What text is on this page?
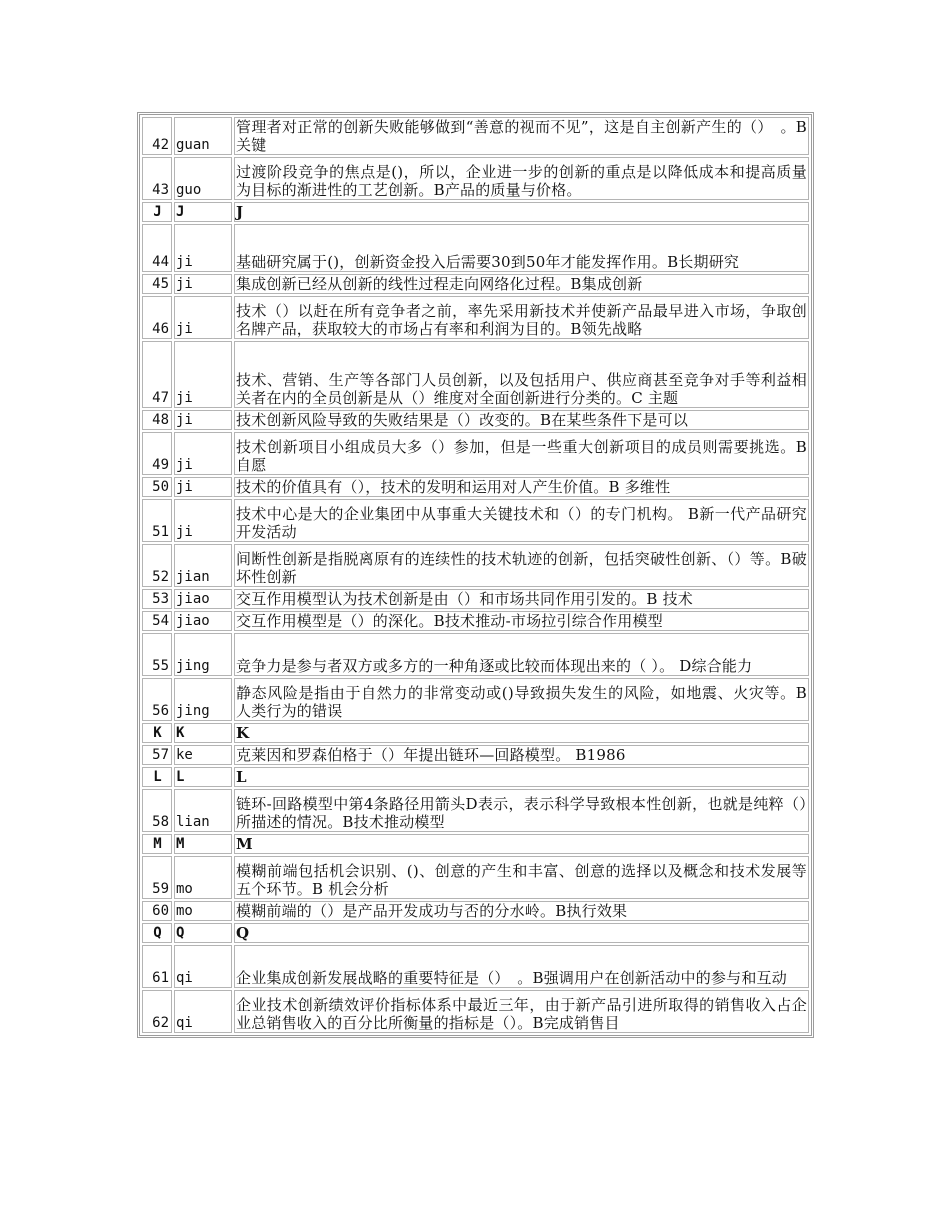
42	guan	管理者对正常的创新失败能够做到“善意的视而不见”，这是自主创新产生的（）　。B关键
43	guo	过渡阶段竞争的焦点是()，所以，企业进一步的创新的重点是以降低成本和提高质量为目标的渐进性的工艺创新。B产品的质量与价格。
J	J	J
44	ji	基础研究属于()，创新资金投入后需要30到50年才能发挥作用。B长期研究
45	ji	集成创新已经从创新的线性过程走向网络化过程。B集成创新
46	ji	技术（）以赶在所有竞争者之前，率先采用新技术并使新产品最早进入市场，争取创名牌产品，获取较大的市场占有率和利润为目的。B领先战略
47	ji	技术、营销、生产等各部门人员创新，以及包括用户、供应商甚至竞争对手等利益相关者在内的全员创新是从（）维度对全面创新进行分类的。C 主题
48	ji	技术创新风险导致的失败结果是（）改变的。B在某些条件下是可以
49	ji	技术创新项目小组成员大多（）参加，但是一些重大创新项目的成员则需要挑选。B 自愿
50	ji	技术的价值具有（），技术的发明和运用对人产生价值。B 多维性
51	ji	技术中心是大的企业集团中从事重大关键技术和（）的专门机构。 B新一代产品研究开发活动
52	jian	间断性创新是指脱离原有的连续性的技术轨迹的创新，包括突破性创新、（）等。B破坏性创新
53	jiao	交互作用模型认为技术创新是由（）和市场共同作用引发的。B 技术
54	jiao	交互作用模型是（）的深化。B技术推动-市场拉引综合作用模型
55	jing	竞争力是参与者双方或多方的一种角逐或比较而体现出来的（ ）。 D综合能力
56	jing	静态风险是指由于自然力的非常变动或()导致损失发生的风险，如地震、火灾等。B 人类行为的错误
K	K	K
57	ke	克莱因和罗森伯格于（）年提出链环—回路模型。 B1986
L	L	L
58	lian	链环-回路模型中第4条路径用箭头D表示，表示科学导致根本性创新，也就是纯粹（）所描述的情况。B技术推动模型
M	M	M
59	mo	模糊前端包括机会识别、()、创意的产生和丰富、创意的选择以及概念和技术发展等五个环节。B 机会分析
60	mo	模糊前端的（）是产品开发成功与否的分水岭。B执行效果
Q	Q	Q
61	qi	企业集成创新发展战略的重要特征是（）　。B强调用户在创新活动中的参与和互动
62	qi	企业技术创新绩效评价指标体系中最近三年，由于新产品引进所取得的销售收入占企业总销售收入的百分比所衡量的指标是（）。B完成销售目
